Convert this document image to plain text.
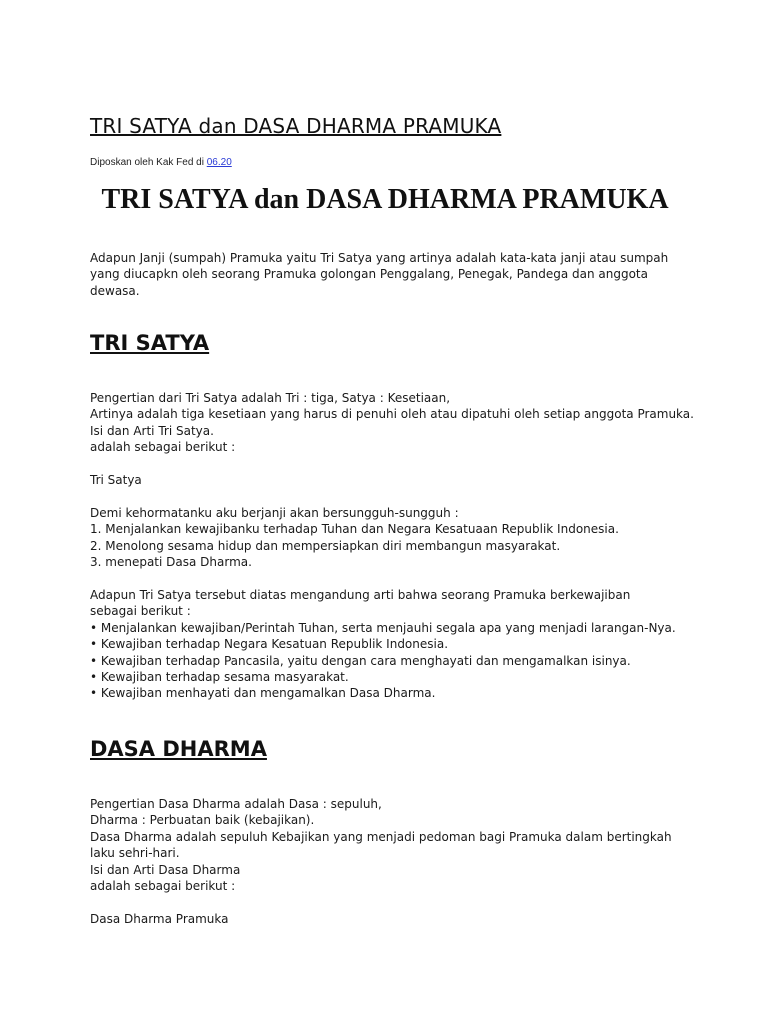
TRI SATYA dan DASA DHARMA PRAMUKA
Diposkan oleh Kak Fed di 06.20
TRI SATYA dan DASA DHARMA PRAMUKA

Adapun Janji (sumpah) Pramuka yaitu Tri Satya yang artinya adalah kata-kata janji atau sumpah yang diucapkn oleh seorang Pramuka golongan Penggalang, Penegak, Pandega dan anggota dewasa.

TRI SATYA

Pengertian dari Tri Satya adalah Tri : tiga, Satya : Kesetiaan,
Artinya adalah tiga kesetiaan yang harus di penuhi oleh atau dipatuhi oleh setiap anggota Pramuka.
Isi dan Arti Tri Satya.
adalah sebagai berikut :

Tri Satya

Demi kehormatanku aku berjanji akan bersungguh-sungguh :
1. Menjalankan kewajibanku terhadap Tuhan dan Negara Kesatuaan Republik Indonesia.
2. Menolong sesama hidup dan mempersiapkan diri membangun masyarakat.
3. menepati Dasa Dharma.

Adapun Tri Satya tersebut diatas mengandung arti bahwa seorang Pramuka berkewajiban sebagai berikut :
• Menjalankan kewajiban/Perintah Tuhan, serta menjauhi segala apa yang menjadi larangan-Nya.
• Kewajiban terhadap Negara Kesatuan Republik Indonesia.
• Kewajiban terhadap Pancasila, yaitu dengan cara menghayati dan mengamalkan isinya.
• Kewajiban terhadap sesama masyarakat.
• Kewajiban menhayati dan mengamalkan Dasa Dharma.

DASA DHARMA

Pengertian Dasa Dharma adalah Dasa : sepuluh,
Dharma : Perbuatan baik (kebajikan).
Dasa Dharma adalah sepuluh Kebajikan yang menjadi pedoman bagi Pramuka dalam bertingkah laku sehri-hari.
Isi dan Arti Dasa Dharma
adalah sebagai berikut :

Dasa Dharma Pramuka
